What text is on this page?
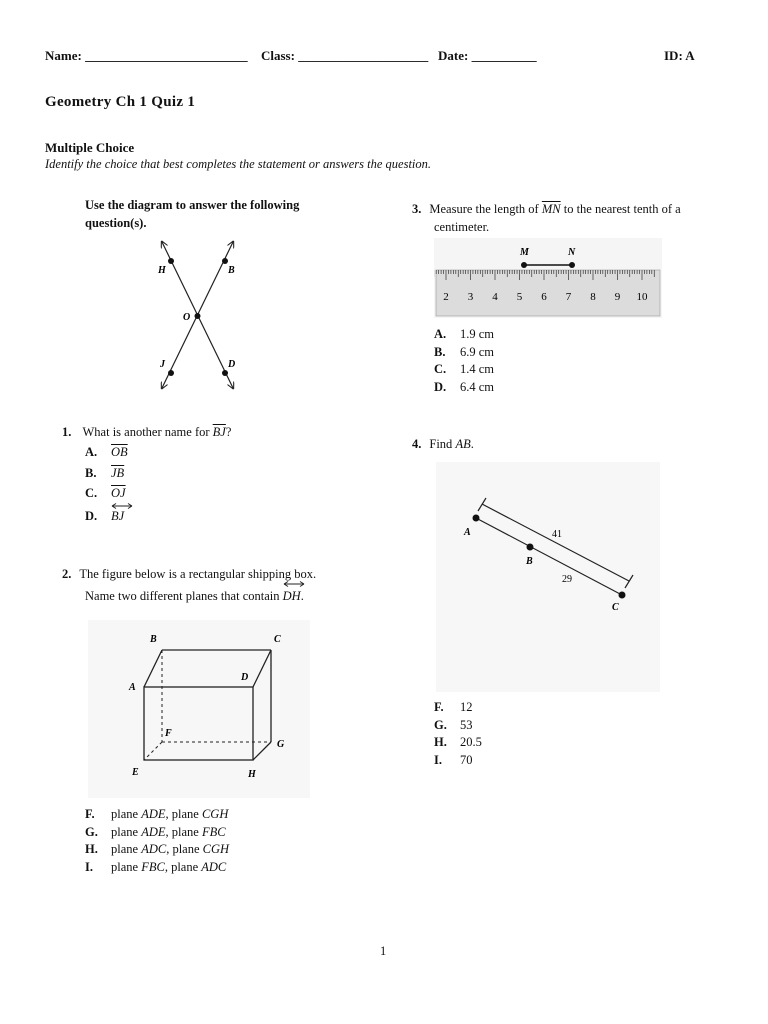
Name: _________________________ Class: ____________________ Date: __________	ID: A
Geometry Ch 1 Quiz 1
Multiple Choice
Identify the choice that best completes the statement or answers the question.
Use the diagram to answer the following question(s).
H	B
O
J	D
1. What is another name for $\overline{BJ}$?
A. $\overline{OB}$
B. $\overline{JB}$
C. $\overline{OJ}$
D. BJ
2. The figure below is a rectangular shipping box.
Name two different planes that contain DH.
B	C
A
D
F
G
E	H
F. plane ADE, plane CGH
G. plane ADE, plane FBC
H. plane ADC, plane CGH
I. plane FBC, plane ADC
3. Measure the length of $\overline{MN}$ to the nearest tenth of a
centimeter.
2 3 4 5 6 7 8 9 10
M	N
A. 1.9 cm
B. 6.9 cm
C. 1.4 cm
D. 6.4 cm
4. Find AB.
A
B
C
41
29
F. 12
G. 53
H. 20.5
I. 70
1
